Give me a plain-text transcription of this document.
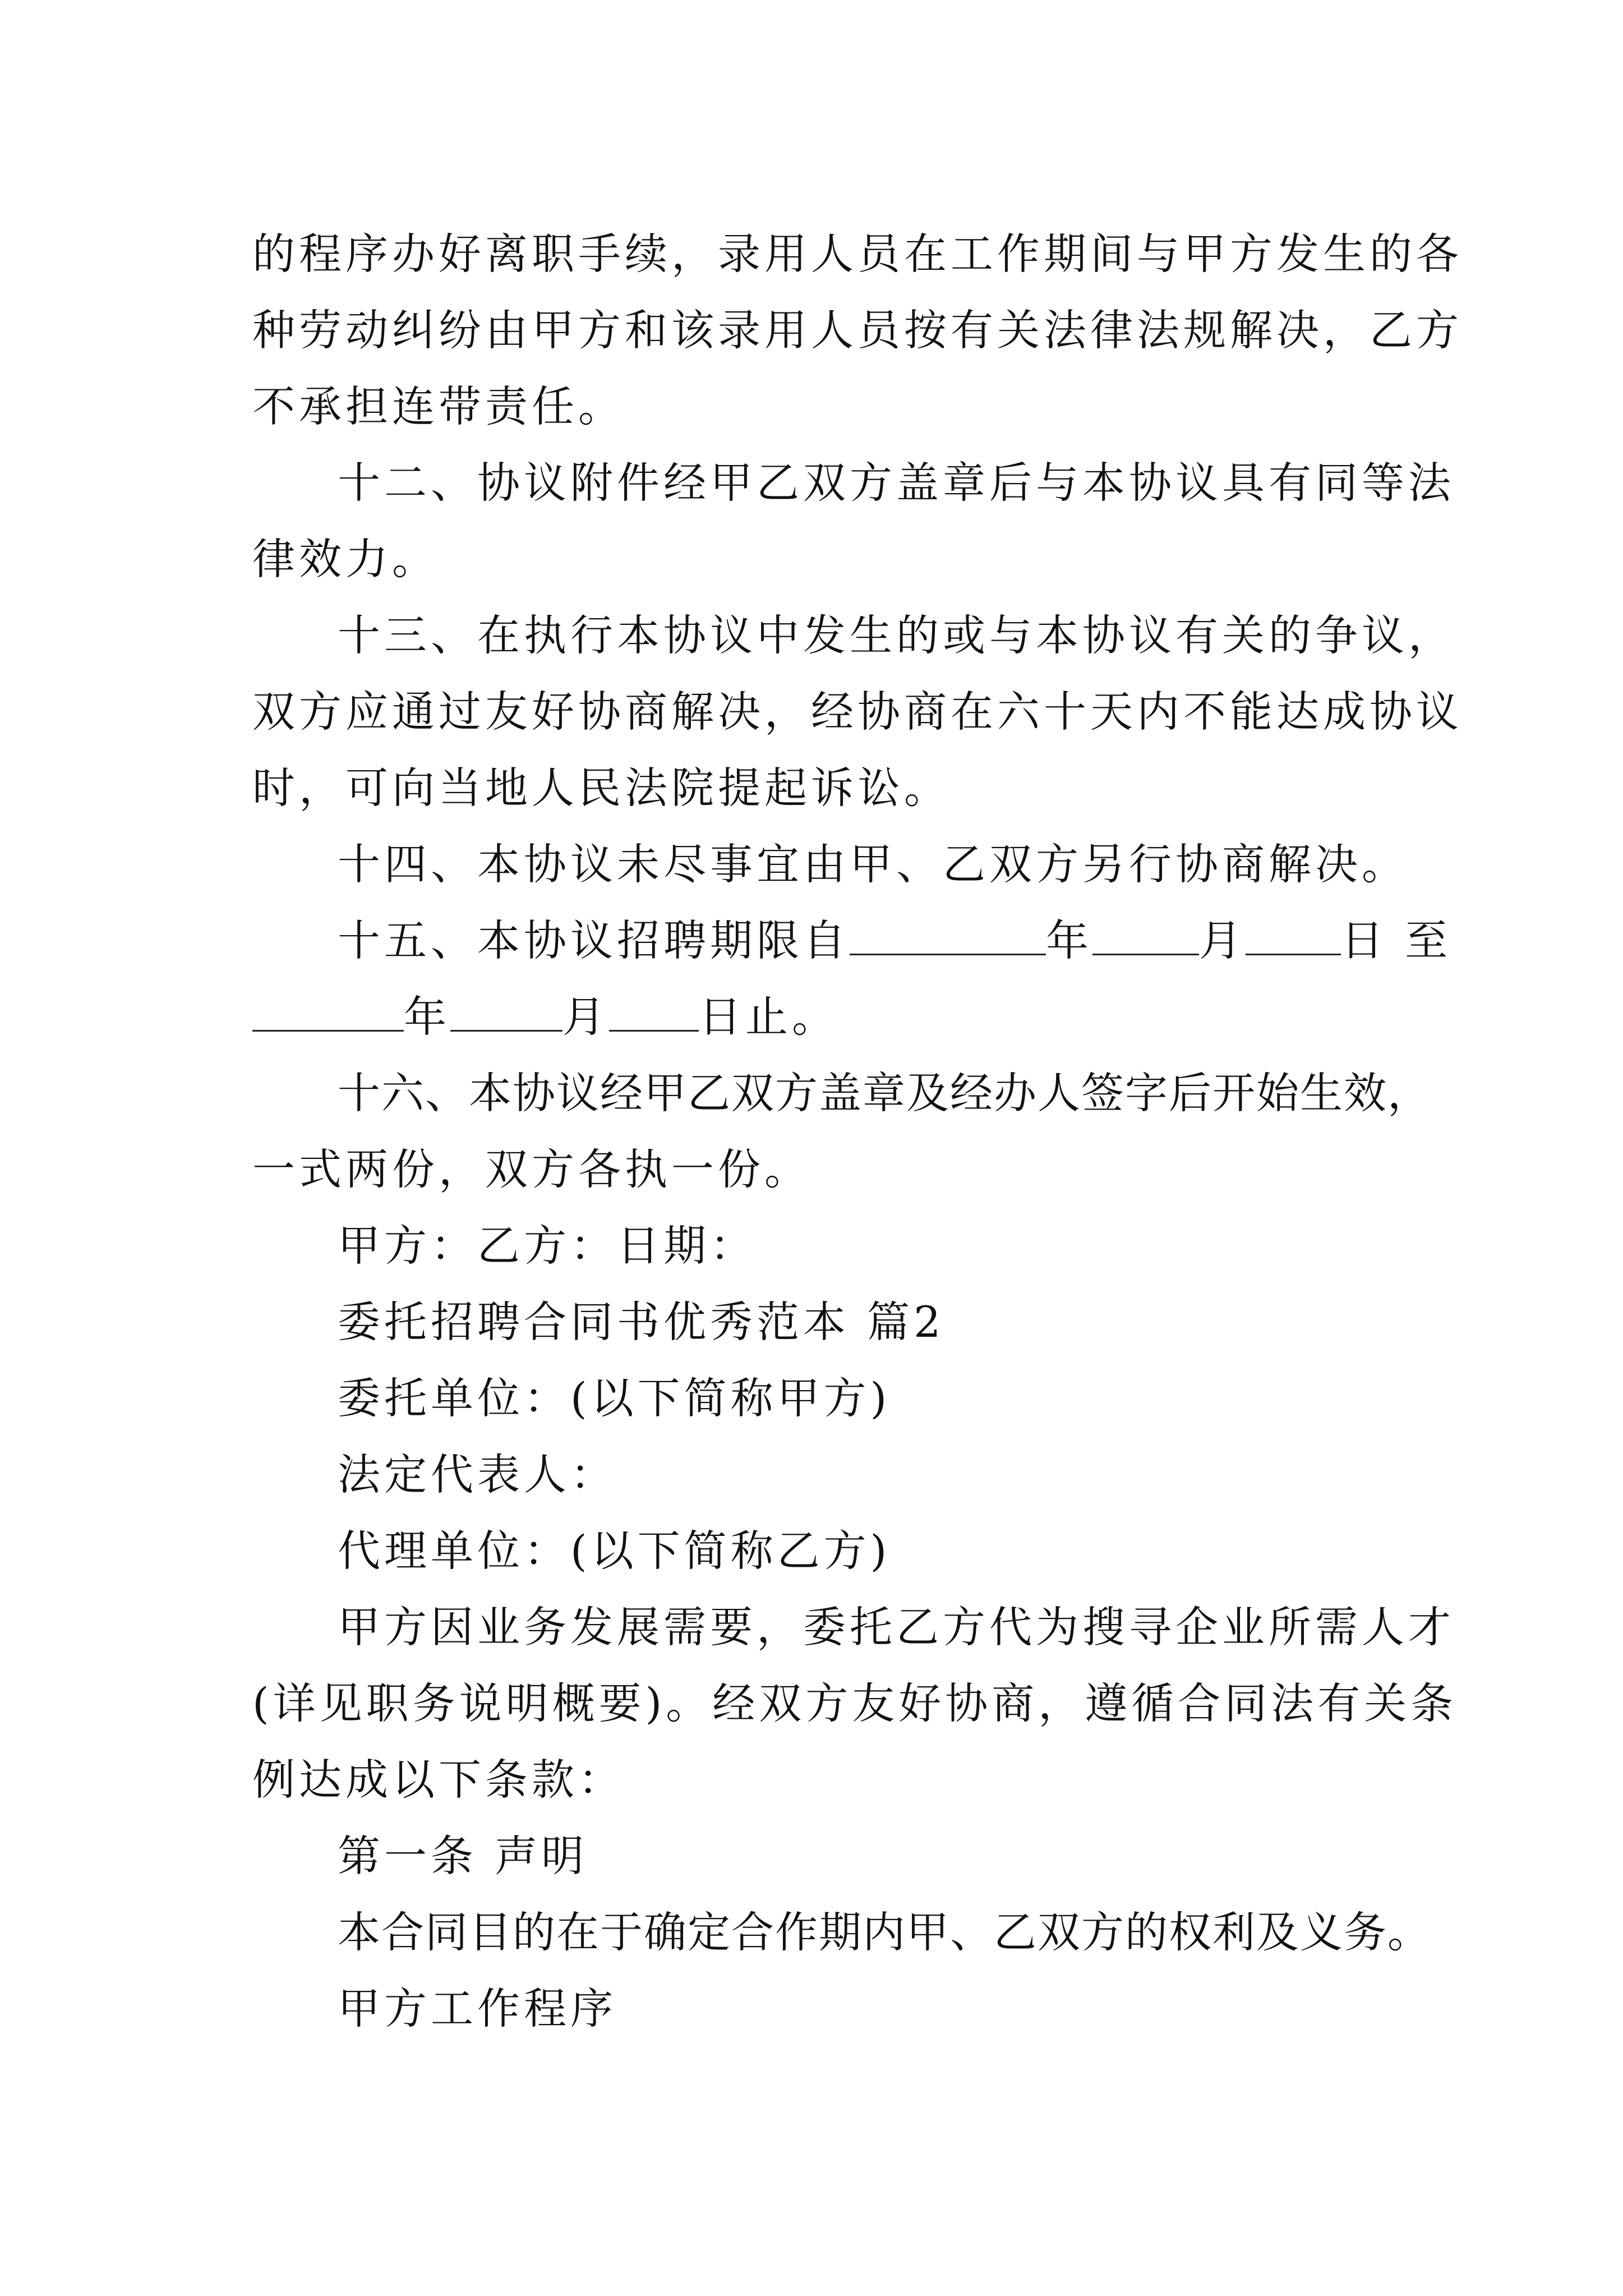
的程序办好离职手续，录用人员在工作期间与甲方发生的各
种劳动纠纷由甲方和该录用人员按有关法律法规解决，乙方
不承担连带责任。
十二、协议附件经甲乙双方盖章后与本协议具有同等法
律效力。
十三、在执行本协议中发生的或与本协议有关的争议，
双方应通过友好协商解决，经协商在六十天内不能达成协议
时，可向当地人民法院提起诉讼。
十四、本协议未尽事宜由甲、乙双方另行协商解决。
十五、本协议招聘期限自	年	月 日 至
年	月 日止。
十六、本协议经甲乙双方盖章及经办人签字后开始生效，
一式两份，双方各执一份。
甲方：乙方：日期：
委托招聘合同书优秀范本 篇2
委托单位：(以下简称甲方)
法定代表人：
代理单位：(以下简称乙方)
甲方因业务发展需要，委托乙方代为搜寻企业所需人才
(详见职务说明概要)。经双方友好协商，遵循合同法有关条
例达成以下条款：
第一条 声明
本合同目的在于确定合作期内甲、乙双方的权利及义务。
甲方工作程序
